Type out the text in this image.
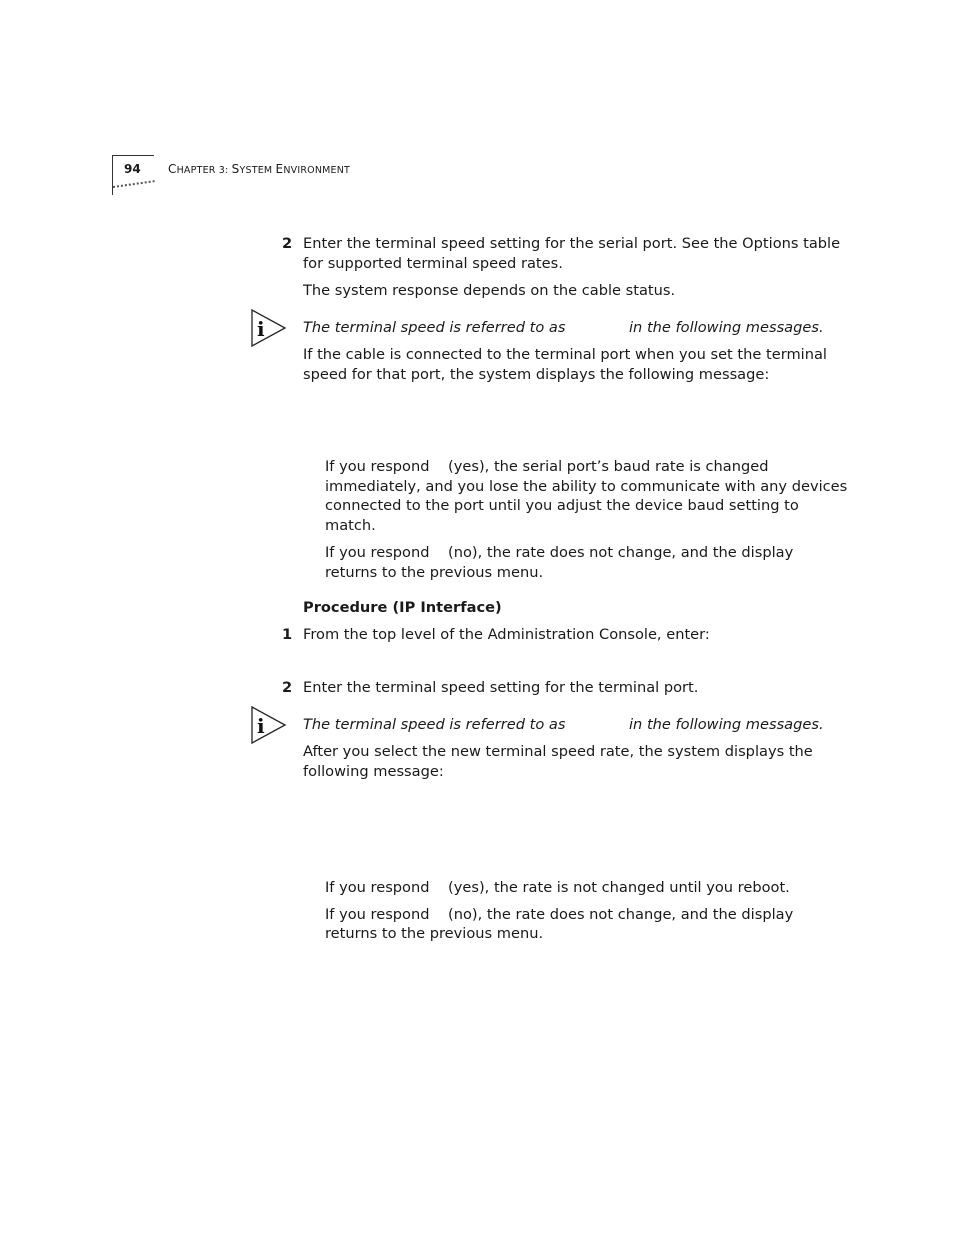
94 CHAPTER 3: SYSTEM ENVIRONMENT
2 Enter the terminal speed setting for the serial port. See the Options table
for supported terminal speed rates.
The system response depends on the cable status.
i	The terminal speed is referred to as	in the following messages.
If the cable is connected to the terminal port when you set the terminal
speed for that port, the system displays the following message:
If you respond    (yes), the serial port’s baud rate is changed
immediately, and you lose the ability to communicate with any devices
connected to the port until you adjust the device baud setting to
match.
If you respond    (no), the rate does not change, and the display
returns to the previous menu.
Procedure (IP Interface)
1 From the top level of the Administration Console, enter:
2 Enter the terminal speed setting for the terminal port.
i	The terminal speed is referred to as	in the following messages.
After you select the new terminal speed rate, the system displays the
following message:
If you respond    (yes), the rate is not changed until you reboot.
If you respond    (no), the rate does not change, and the display
returns to the previous menu.
